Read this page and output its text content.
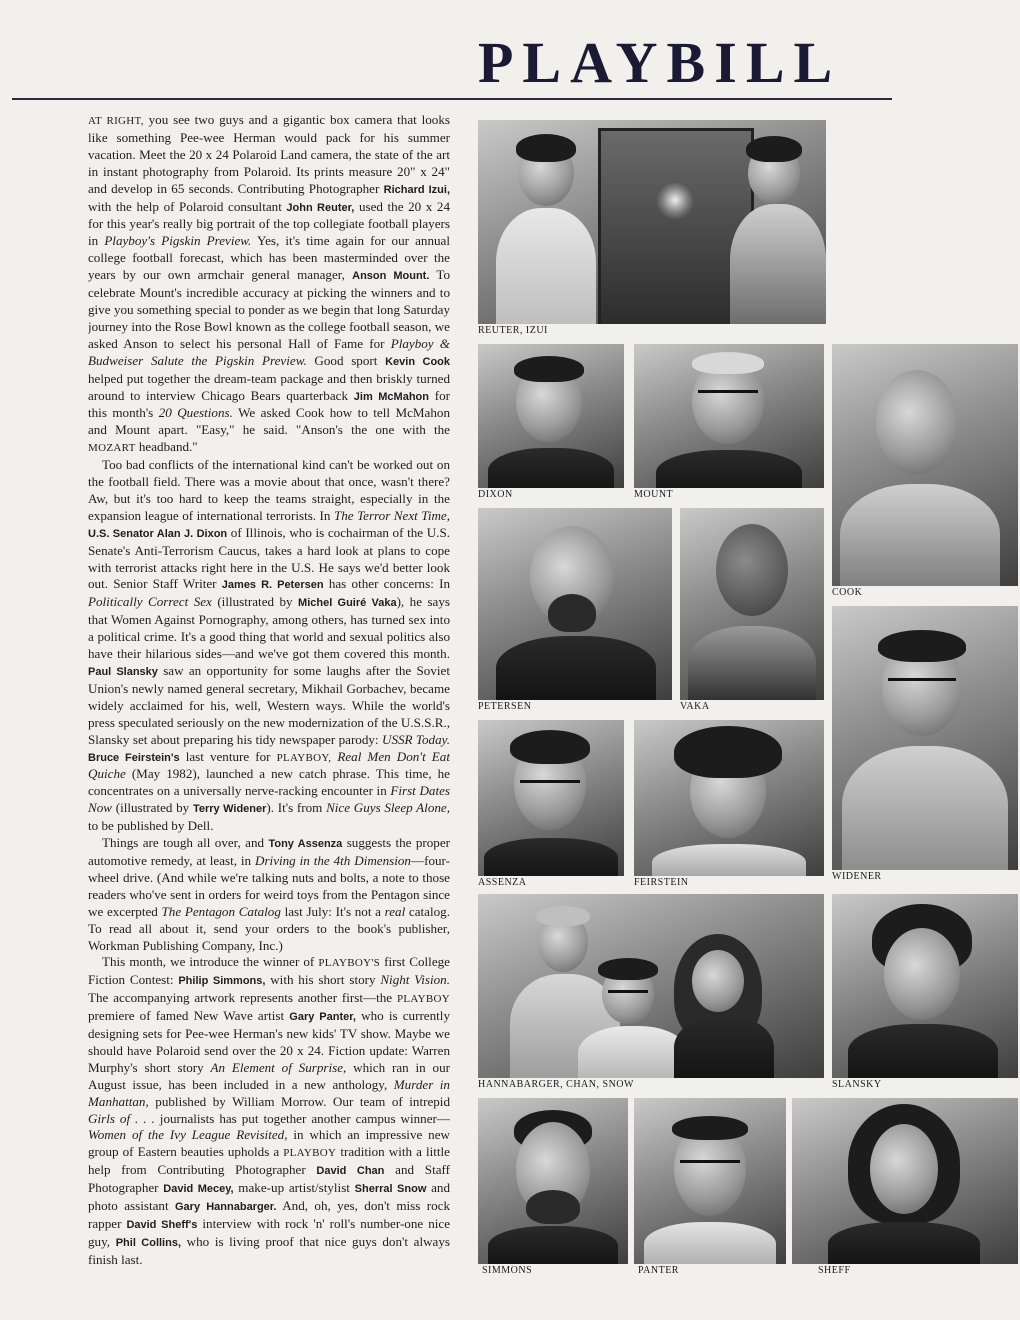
PLAYBILL

AT RIGHT, you see two guys and a gigantic box camera that looks like something Pee-wee Herman would pack for his summer vacation. Meet the 20 x 24 Polaroid Land camera, the state of the art in instant photography from Polaroid. Its prints measure 20" x 24" and develop in 65 seconds. Contributing Photographer Richard Izui, with the help of Polaroid consultant John Reuter, used the 20 x 24 for this year's really big portrait of the top collegiate football players in Playboy's Pigskin Preview. Yes, it's time again for our annual college football forecast, which has been masterminded over the years by our own armchair general manager, Anson Mount. To celebrate Mount's incredible accuracy at picking the winners and to give you something special to ponder as we begin that long Saturday journey into the Rose Bowl known as the college football season, we asked Anson to select his personal Hall of Fame for Playboy & Budweiser Salute the Pigskin Preview. Good sport Kevin Cook helped put together the dream-team package and then briskly turned around to interview Chicago Bears quarterback Jim McMahon for this month's 20 Questions. We asked Cook how to tell McMahon and Mount apart. "Easy," he said. "Anson's the one with the MOZART headband."

Too bad conflicts of the international kind can't be worked out on the football field. There was a movie about that once, wasn't there? Aw, but it's too hard to keep the teams straight, especially in the expansion league of international terrorists. In The Terror Next Time, U.S. Senator Alan J. Dixon of Illinois, who is cochairman of the U.S. Senate's Anti-Terrorism Caucus, takes a hard look at plans to cope with terrorist attacks right here in the U.S. He says we'd better look out. Senior Staff Writer James R. Petersen has other concerns: In Politically Correct Sex (illustrated by Michel Guiré Vaka), he says that Women Against Pornography, among others, has turned sex into a political crime. It's a good thing that world and sexual politics also have their hilarious sides—and we've got them covered this month. Paul Slansky saw an opportunity for some laughs after the Soviet Union's newly named general secretary, Mikhail Gorbachev, became widely acclaimed for his, well, Western ways. While the world's press speculated seriously on the new modernization of the U.S.S.R., Slansky set about preparing his tidy newspaper parody: USSR Today. Bruce Feirstein's last venture for PLAYBOY, Real Men Don't Eat Quiche (May 1982), launched a new catch phrase. This time, he concentrates on a universally nerve-racking encounter in First Dates Now (illustrated by Terry Widener). It's from Nice Guys Sleep Alone, to be published by Dell.

Things are tough all over, and Tony Assenza suggests the proper automotive remedy, at least, in Driving in the 4th Dimension—four-wheel drive. (And while we're talking nuts and bolts, a note to those readers who've sent in orders for weird toys from the Pentagon since we excerpted The Pentagon Catalog last July: It's not a real catalog. To read all about it, send your orders to the book's publisher, Workman Publishing Company, Inc.)

This month, we introduce the winner of PLAYBOY'S first College Fiction Contest: Philip Simmons, with his short story Night Vision. The accompanying artwork represents another first—the PLAYBOY premiere of famed New Wave artist Gary Panter, who is currently designing sets for Pee-wee Herman's new kids' TV show. Maybe we should have Polaroid send over the 20 x 24. Fiction update: Warren Murphy's short story An Element of Surprise, which ran in our August issue, has been included in a new anthology, Murder in Manhattan, published by William Morrow. Our team of intrepid Girls of . . . journalists has put together another campus winner—Women of the Ivy League Revisited, in which an impressive new group of Eastern beauties upholds a PLAYBOY tradition with a little help from Contributing Photographer David Chan and Staff Photographer David Mecey, make-up artist/stylist Sherral Snow and photo assistant Gary Hannabarger. And, oh, yes, don't miss rock rapper David Sheff's interview with rock 'n' roll's number-one nice guy, Phil Collins, who is living proof that nice guys don't always finish last.

REUTER, IZUI
DIXON	MOUNT
COOK
PETERSEN	VAKA
WIDENER
ASSENZA	FEIRSTEIN
HANNABARGER, CHAN, SNOW	SLANSKY
SIMMONS	PANTER	SHEFF
